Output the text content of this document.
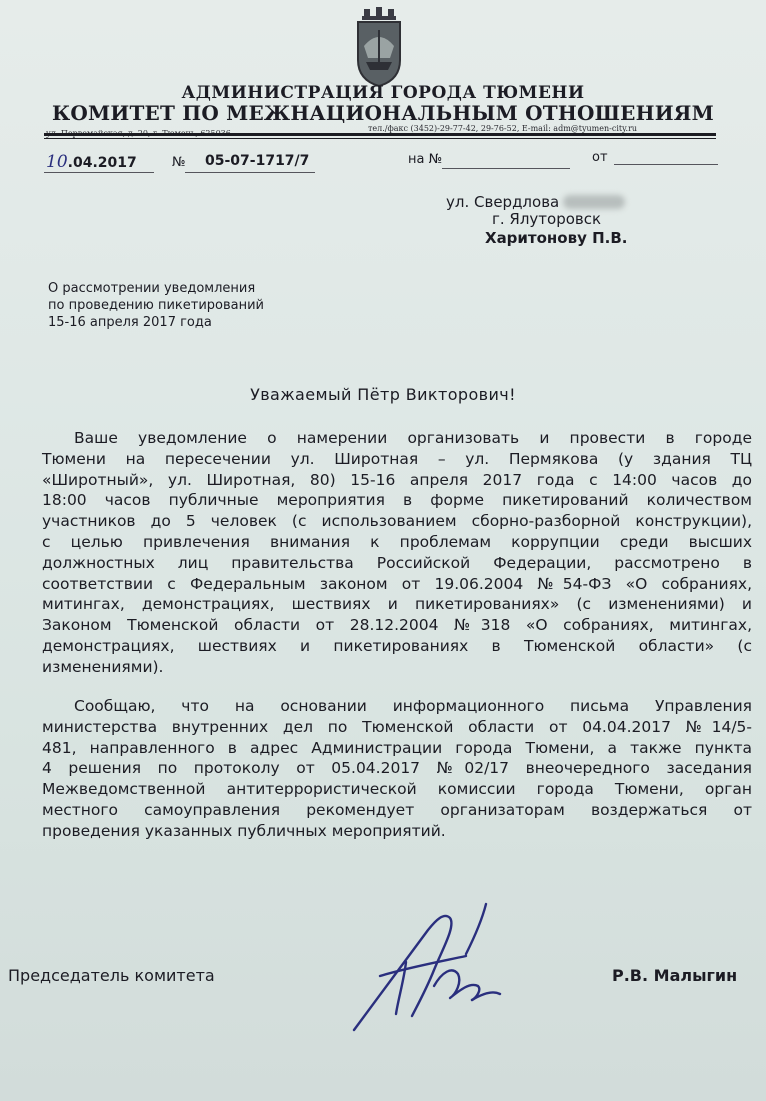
АДМИНИСТРАЦИЯ ГОРОДА ТЮМЕНИ
КОМИТЕТ ПО МЕЖНАЦИОНАЛЬНЫМ ОТНОШЕНИЯМ
тел./факс (3452)-29-77-42, 29-76-52, E-mail: adm@tyumen-city.ru
10.04.2017	№ 05-07-1717/7	на №	от
ул. Свердлова
г. Ялуторовск
Харитонову П.В.
О рассмотрении уведомления
по проведению пикетирований
15-16 апреля 2017 года
Уважаемый Пётр Викторович!
Ваше уведомление о намерении организовать и провести в городе
Тюмени на пересечении ул. Широтная – ул. Пермякова (у здания ТЦ
«Широтный», ул. Широтная, 80) 15-16 апреля 2017 года с 14:00 часов до
18:00 часов публичные мероприятия в форме пикетирований количеством
участников до 5 человек (с использованием сборно-разборной конструкции),
с целью привлечения внимания к проблемам коррупции среди высших
должностных лиц правительства Российской Федерации, рассмотрено в
соответствии с Федеральным законом от 19.06.2004 №54-ФЗ «О собраниях,
митингах, демонстрациях, шествиях и пикетированиях» (с изменениями) и
Законом Тюменской области от 28.12.2004 №318 «О собраниях, митингах,
демонстрациях, шествиях и пикетированиях в Тюменской области» (с
изменениями).
Сообщаю, что на основании информационного письма Управления
министерства внутренних дел по Тюменской области от 04.04.2017 №14/5-
481, направленного в адрес Администрации города Тюмени, а также пункта
4 решения по протоколу от 05.04.2017 №02/17 внеочередного заседания
Межведомственной антитеррористической комиссии города Тюмени, орган
местного самоуправления рекомендует организаторам воздержаться от
проведения указанных публичных мероприятий.
Председатель комитета	Р.В. Малыгин
